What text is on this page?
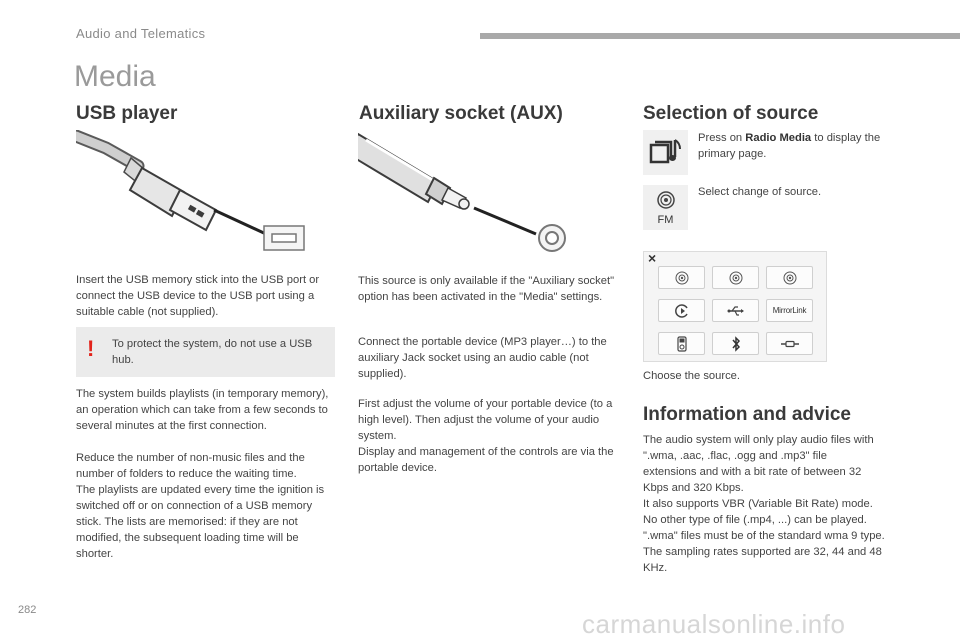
Audio and Telematics
Media
USB player

Insert the USB memory stick into the USB port or connect the USB device to the USB port using a suitable cable (not supplied).

! To protect the system, do not use a USB hub.

The system builds playlists (in temporary memory), an operation which can take from a few seconds to several minutes at the first connection.

Reduce the number of non-music files and the number of folders to reduce the waiting time.

The playlists are updated every time the ignition is switched off or on connection of a USB memory stick. The lists are memorised: if they are not modified, the subsequent loading time will be shorter.

Auxiliary socket (AUX)

This source is only available if the "Auxiliary socket" option has been activated in the "Media" settings.

Connect the portable device (MP3 player…) to the auxiliary Jack socket using an audio cable (not supplied).

First adjust the volume of your portable device (to a high level). Then adjust the volume of your audio system.

Display and management of the controls are via the portable device.

Selection of source

Press on Radio Media to display the primary page.

FM

Select change of source.

×
MirrorLink

Choose the source.

Information and advice

The audio system will only play audio files with ".wma, .aac, .flac, .ogg and .mp3" file extensions and with a bit rate of between 32 Kbps and 320 Kbps.

It also supports VBR (Variable Bit Rate) mode.

No other type of file (.mp4, ...) can be played.

".wma" files must be of the standard wma 9 type.

The sampling rates supported are 32, 44 and 48 KHz.

282	carmanualsonline.info
